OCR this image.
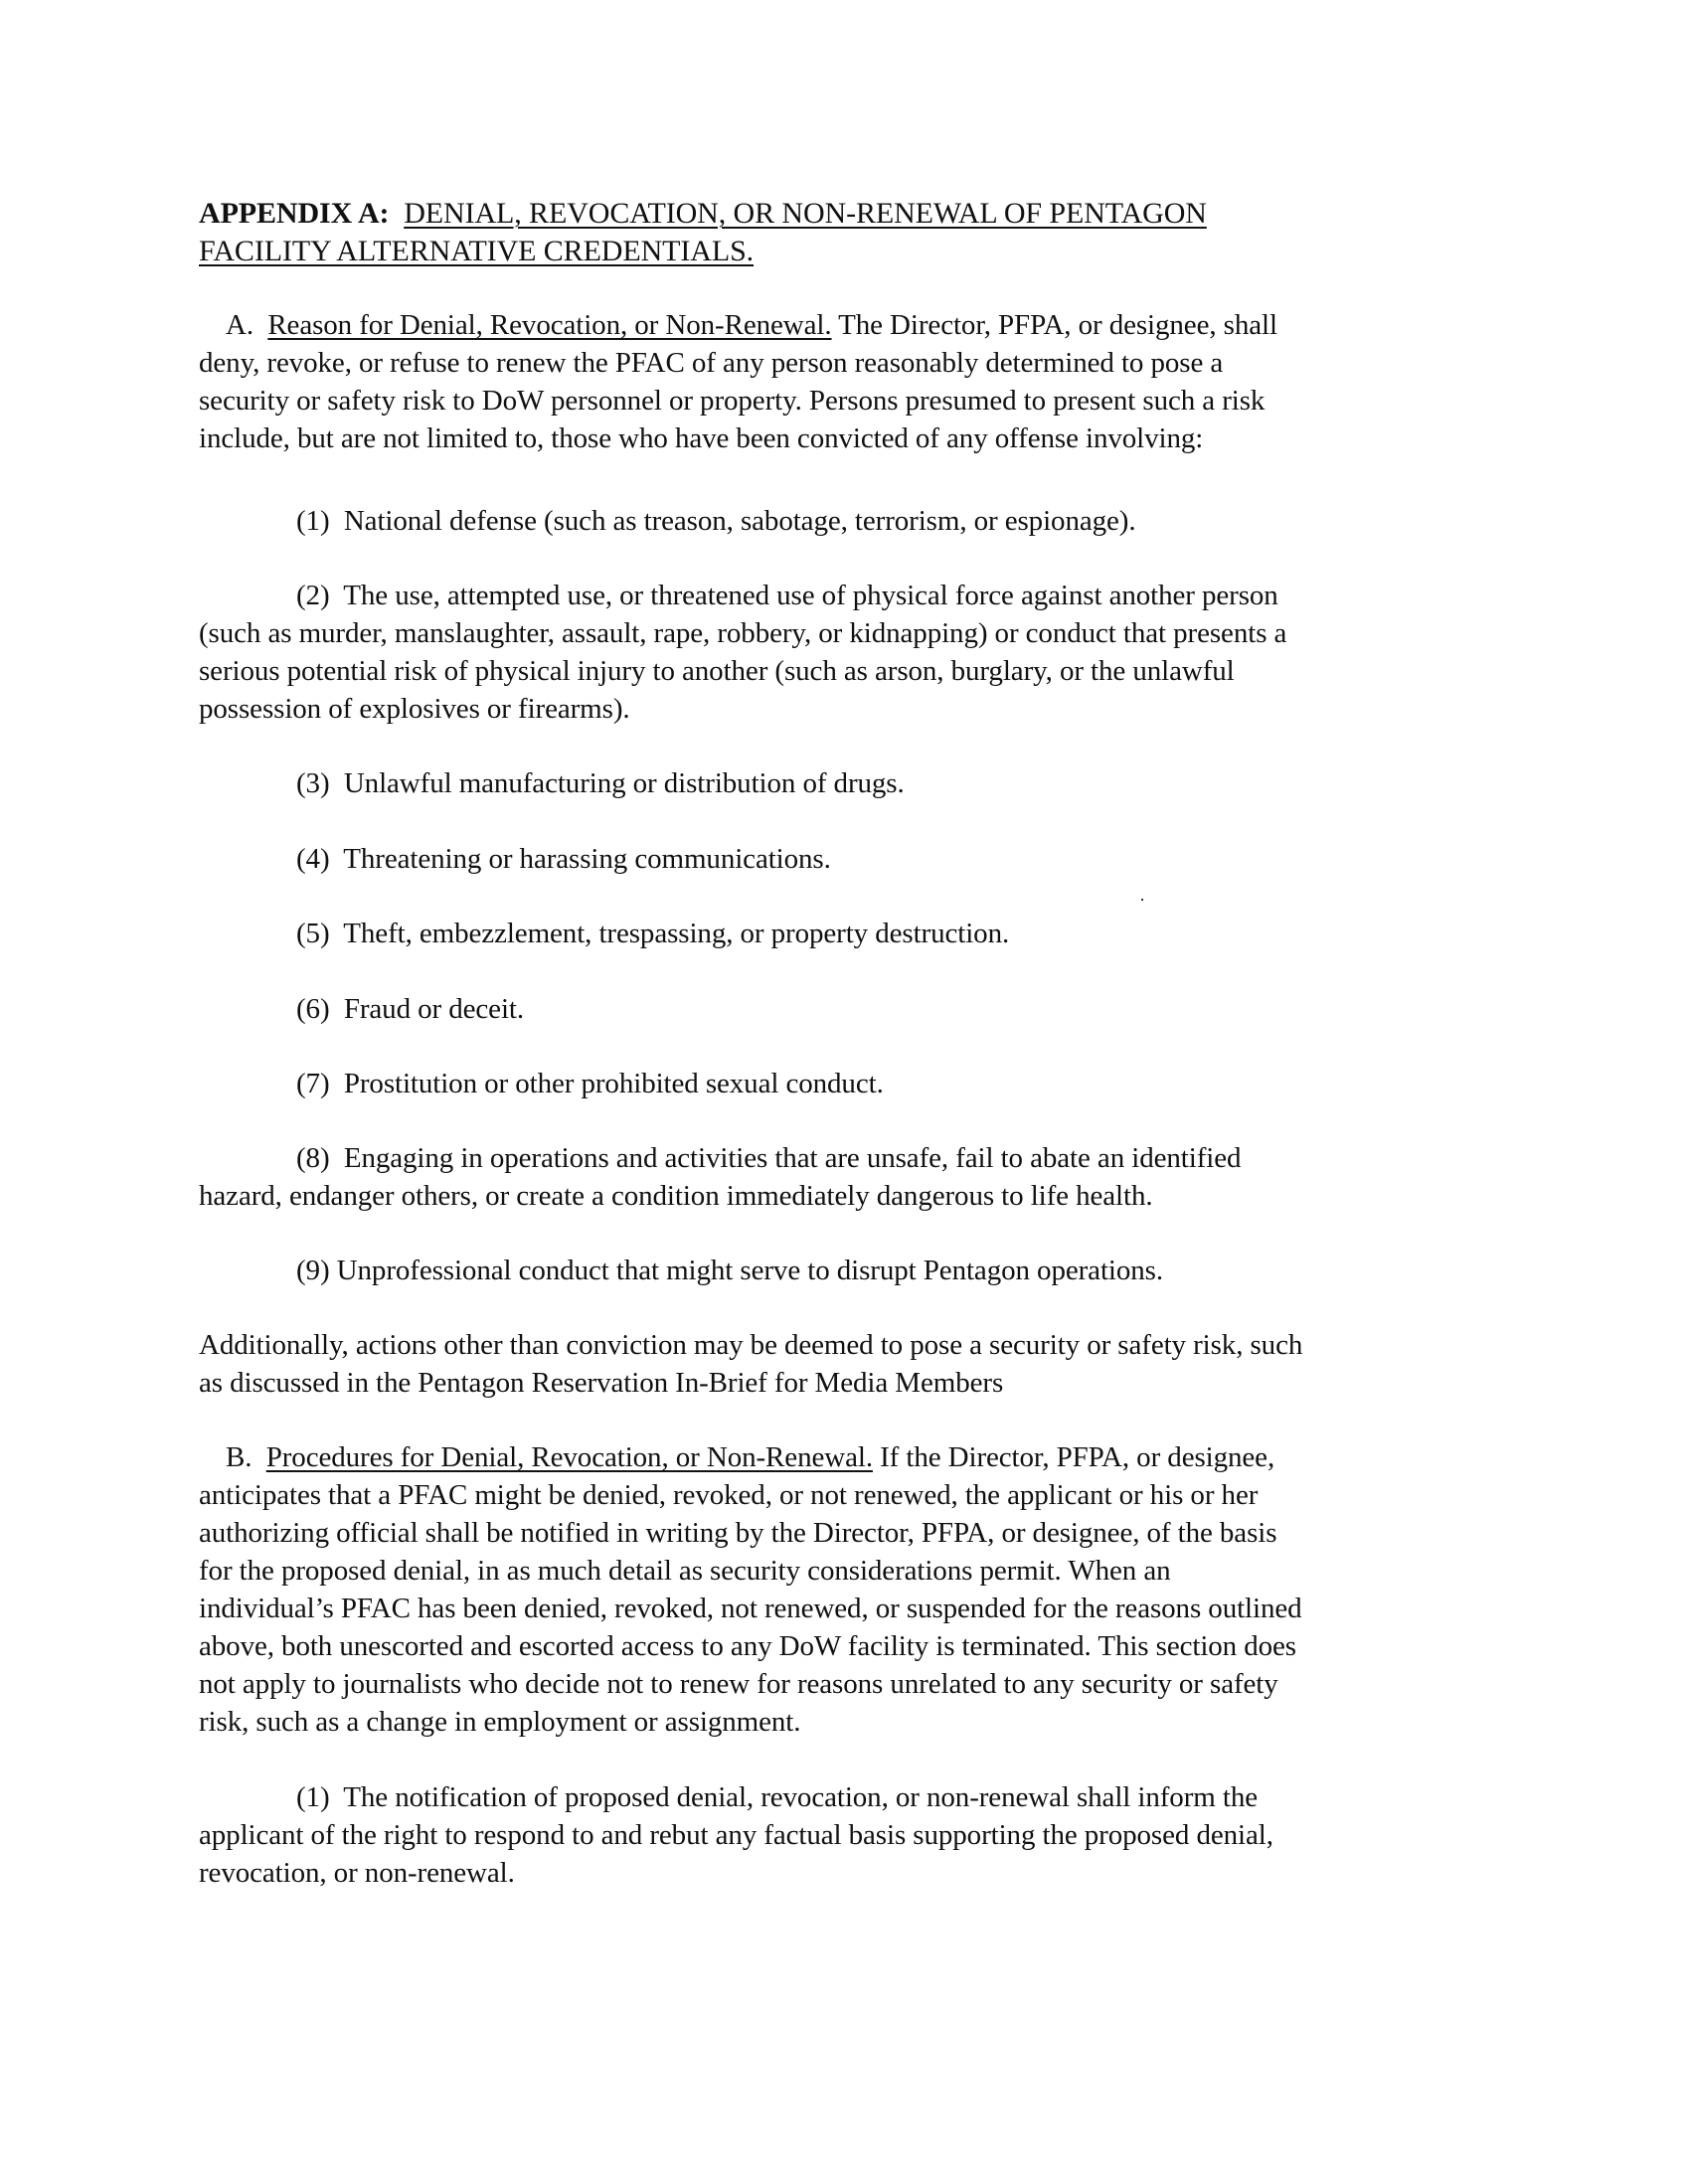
APPENDIX A: DENIAL, REVOCATION, OR NON-RENEWAL OF PENTAGON
FACILITY ALTERNATIVE CREDENTIALS.
A. Reason for Denial, Revocation, or Non-Renewal. The Director, PFPA, or designee, shall
deny, revoke, or refuse to renew the PFAC of any person reasonably determined to pose a
security or safety risk to DoW personnel or property. Persons presumed to present such a risk
include, but are not limited to, those who have been convicted of any offense involving:
(1) National defense (such as treason, sabotage, terrorism, or espionage).
(2) The use, attempted use, or threatened use of physical force against another person
(such as murder, manslaughter, assault, rape, robbery, or kidnapping) or conduct that presents a
serious potential risk of physical injury to another (such as arson, burglary, or the unlawful
possession of explosives or firearms).
(3) Unlawful manufacturing or distribution of drugs.
(4) Threatening or harassing communications.
(5) Theft, embezzlement, trespassing, or property destruction.
(6) Fraud or deceit.
(7) Prostitution or other prohibited sexual conduct.
(8) Engaging in operations and activities that are unsafe, fail to abate an identified
hazard, endanger others, or create a condition immediately dangerous to life health.
(9) Unprofessional conduct that might serve to disrupt Pentagon operations.
Additionally, actions other than conviction may be deemed to pose a security or safety risk, such
as discussed in the Pentagon Reservation In-Brief for Media Members
B. Procedures for Denial, Revocation, or Non-Renewal. If the Director, PFPA, or designee,
anticipates that a PFAC might be denied, revoked, or not renewed, the applicant or his or her
authorizing official shall be notified in writing by the Director, PFPA, or designee, of the basis
for the proposed denial, in as much detail as security considerations permit. When an
individual’s PFAC has been denied, revoked, not renewed, or suspended for the reasons outlined
above, both unescorted and escorted access to any DoW facility is terminated. This section does
not apply to journalists who decide not to renew for reasons unrelated to any security or safety
risk, such as a change in employment or assignment.
(1) The notification of proposed denial, revocation, or non-renewal shall inform the
applicant of the right to respond to and rebut any factual basis supporting the proposed denial,
revocation, or non-renewal.
